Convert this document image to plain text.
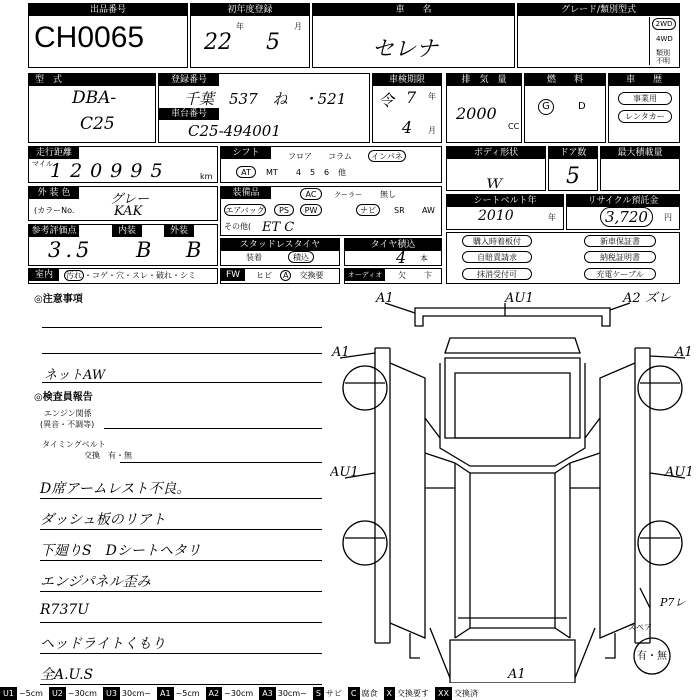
出品番号
CH0065
初年度登録
年	月
22 5
車　　名
セレナ
グレード/類別型式
2WD
4WD
類別
不明
型　式
DBA-
C25
登録番号
千葉　537　ね　・521
車台番号
C25-494001
車検期限
令 7 年
4 月
排　気　量
2000
CC
燃　　料
G	D
車　　歴
事業用
レンタカー
走行距離
マイル
120995	km
シフト	フロア コラム	インパネ
AT	MT 4 5 6 他
ボディ形状
ｗ
ドア数
5
最大積載量
外 装 色	グレー
(カラーNo.	KAK
装備品	AC	クーラー 無し
エアバッグ	PS	PW	ナビ	SR AW
その他( ET C
シートベルト年
2010	年
リサイクル預託金
3,720	円
参考評価点
3.5
内装
B
外装
B	スタッドレスタイヤ
装着	積込
タイヤ積込
4 本
購入時着板付
自賠責請求
抹消受付可
新車保証書
納税証明書
充電ケーブル
室内	汚れ ・コゲ・穴・スレ・破れ・シミ	FW	ヒビ　 A　 交換要	オーディオ	欠 卞
◎注意事項
ネットAW
◎検査員報告
エンジン関係
(異音・不調等)
タイミングベルト
交換　有・無
D席アームレスト不良。
ダッシュ板のリアト
下廻りS　Dシートヘタリ
エンジパネル歪み
R737U
ヘッドライトくもり
全A.U.S
スペア
有・無
A1	AU1	A2 ズレ
A1	A1
AU1	AU1
P7レ
A1
U1 ~5cm	U2 ~30cm	U3 30cm~	A1 ~5cm	A2 ~30cm	A3 30cm~	S サビ	C 腐食	X 交換要す	XX 交換済
